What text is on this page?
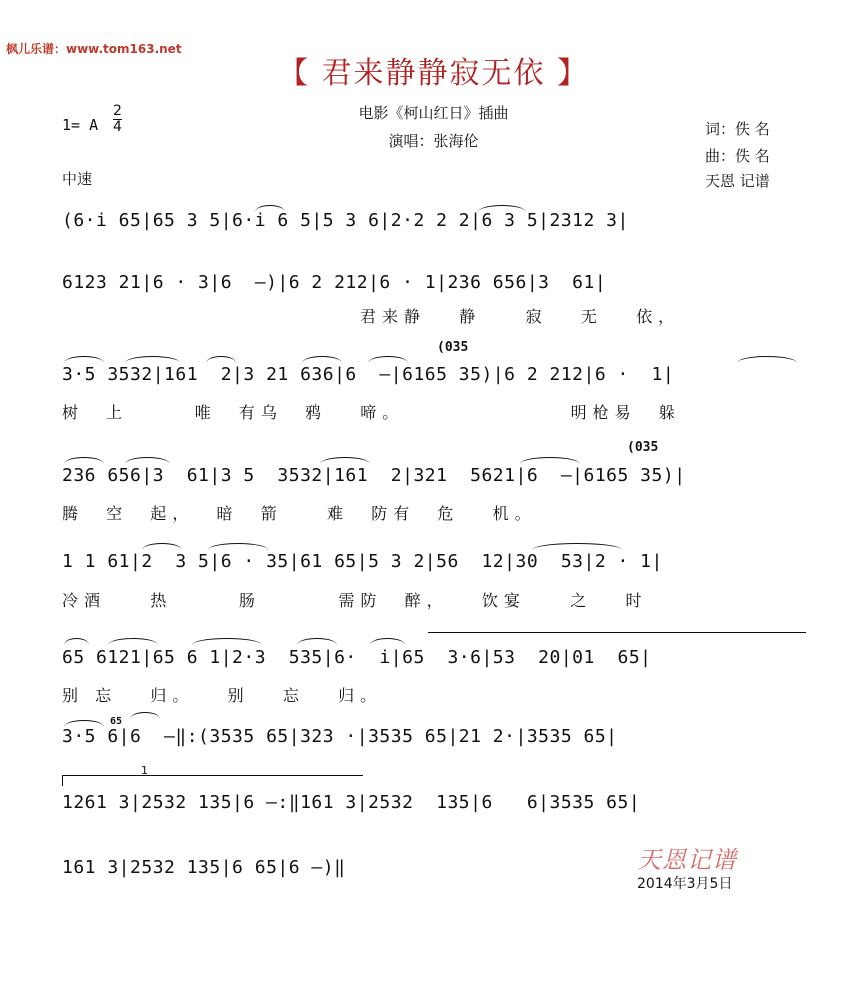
枫儿乐谱：www.tom163.net
【 君来静静寂无依 】
1= A
2
4
电影《柯山红日》插曲
演唱：张海伦
词：佚 名
曲：佚 名
天恩 记谱
中速
(6·i 65|65 3 5|6·i 6 5|5 3 6|2·2 2 2|6 3 5|2312 3|
6123 21|6 · 3|6  –)|6 2 212|6 · 1|236 656|3  61|
3·5 3532|161  2|3 21 636|6  –|6165 35)|6 2 212|6 ·  1|
236 656|3  61|3 5  3532|161  2|321  5621|6  –|6165 35)|
1 1 61|2  3 5|6 · 35|61 65|5 3 2|56  12|30  53|2 · 1|
65 6121|65 6 1|2·3  535|6·  i|65  3·6|53  20|01  65|
3·5 6|6  –‖:(3535 65|323 ·|3535 65|21 2·|3535 65|
1261 3|2532 135|6 –:‖161 3|2532  135|6   6|3535 65|
161 3|2532 135|6 65|6 –)‖
君来静   静    寂   无   依，
树  上      唯  有乌  鸦   啼。               明枪易  躲
腾  空  起，  暗  箭    难  防有  危   机。
冷酒    热      肠       需防  醉，   饮宴    之   时
别 忘   归。   别   忘   归。
(035
(035
65
1
天恩记谱
2014年3月5日
